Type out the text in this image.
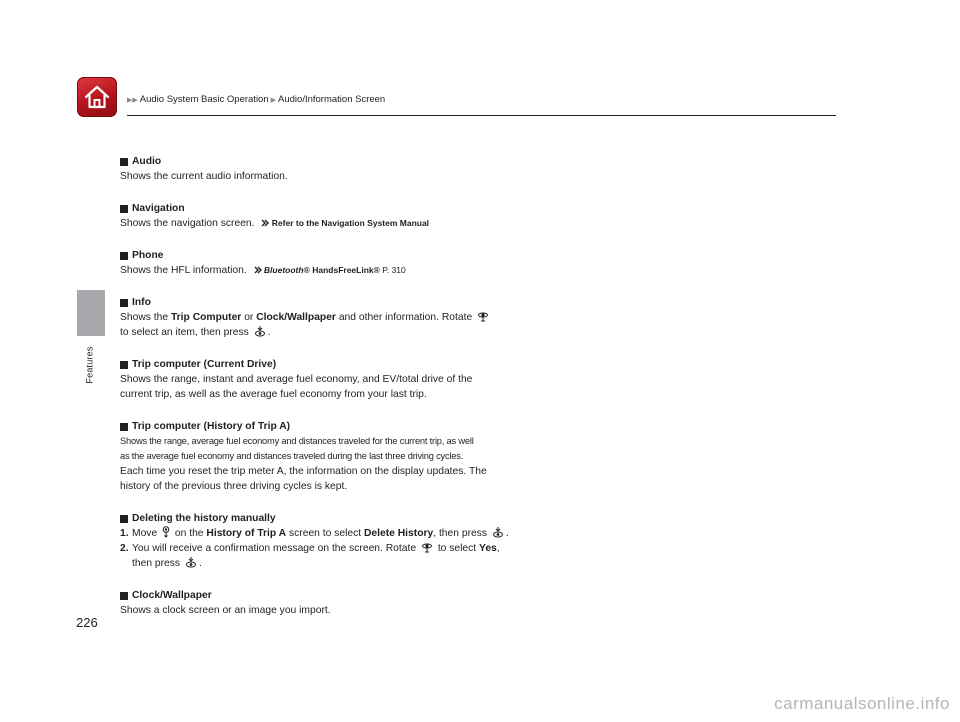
▶▶ Audio System Basic Operation ▶ Audio/Information Screen
Features
226

Audio

Shows the current audio information.

Navigation

Shows the navigation screen. Refer to the Navigation System Manual

Phone

Shows the HFL information. Bluetooth® HandsFreeLink® P. 310

Info

Shows the Trip Computer or Clock/Wallpaper and other information. Rotate
to select an item, then press .

Trip computer (Current Drive)

Shows the range, instant and average fuel economy, and EV/total drive of the
current trip, as well as the average fuel economy from your last trip.

Trip computer (History of Trip A)

Shows the range, average fuel economy and distances traveled for the current trip, as well
as the average fuel economy and distances traveled during the last three driving cycles.
Each time you reset the trip meter A, the information on the display updates. The
history of the previous three driving cycles is kept.

Deleting the history manually

1. Move  on the History of Trip A screen to select Delete History, then press .

2. You will receive a confirmation message on the screen. Rotate  to select Yes,
then press .

Clock/Wallpaper

Shows a clock screen or an image you import.

carmanualsonline.info
